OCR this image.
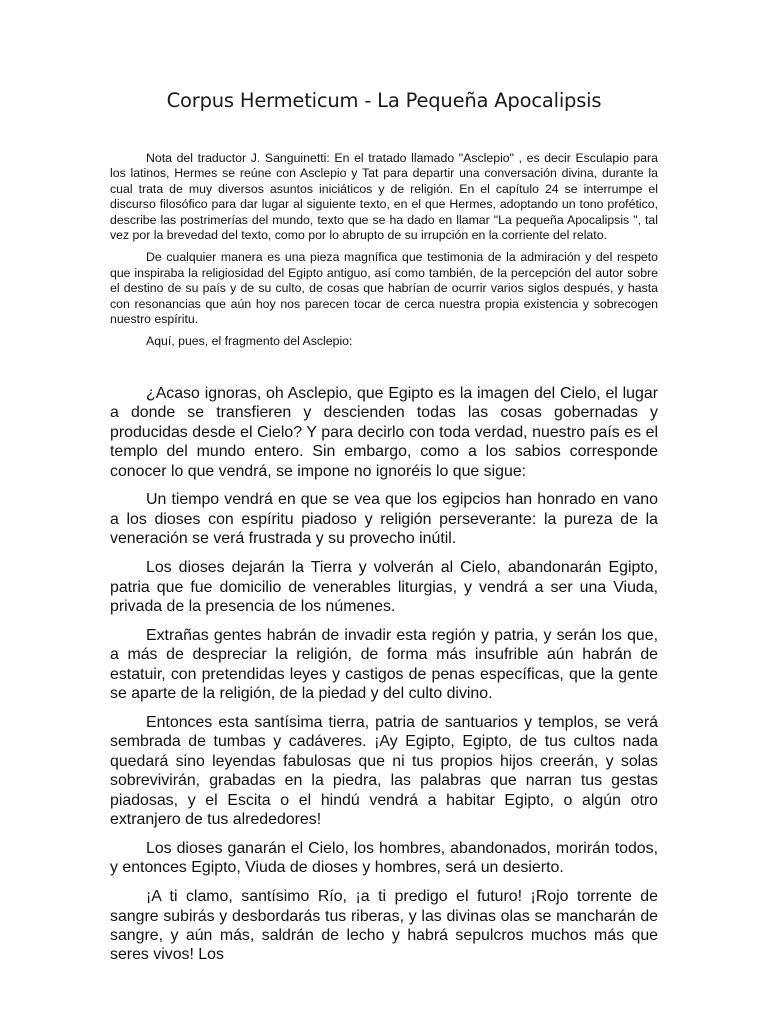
Corpus Hermeticum - La Pequeña Apocalipsis

Nota del traductor J. Sanguinetti: En el tratado llamado "Asclepio" , es decir Esculapio para los latinos, Hermes se reúne con Asclepio y Tat para departir una conversación divina, durante la cual trata de muy diversos asuntos iniciáticos y de religión. En el capítulo 24 se interrumpe el discurso filosófico para dar lugar al siguiente texto, en el que Hermes, adoptando un tono profético, describe las postrimerías del mundo, texto que se ha dado en llamar "La pequeña Apocalipsis ", tal vez por la brevedad del texto, como por lo abrupto de su irrupción en la corriente del relato.

De cualquier manera es una pieza magnífica que testimonia de la admiración y del respeto que inspiraba la religiosidad del Egipto antiguo, así como también, de la percepción del autor sobre el destino de su país y de su culto, de cosas que habrían de ocurrir varios siglos después, y hasta con resonancias que aún hoy nos parecen tocar de cerca nuestra propia existencia y sobrecogen nuestro espíritu.

Aquí, pues, el fragmento del Asclepio:

¿Acaso ignoras, oh Asclepio, que Egipto es la imagen del Cielo, el lugar a donde se transfieren y descienden todas las cosas gobernadas y producidas desde el Cielo? Y para decirlo con toda verdad, nuestro país es el templo del mundo entero. Sin embargo, como a los sabios corresponde conocer lo que vendrá, se impone no ignoréis lo que sigue:

Un tiempo vendrá en que se vea que los egipcios han honrado en vano a los dioses con espíritu piadoso y religión perseverante: la pureza de la veneración se verá frustrada y su provecho inútil.

Los dioses dejarán la Tierra y volverán al Cielo, abandonarán Egipto, patria que fue domicilio de venerables liturgias, y vendrá a ser una Viuda, privada de la presencia de los númenes.

Extrañas gentes habrán de invadir esta región y patria, y serán los que, a más de despreciar la religión, de forma más insufrible aún habrán de estatuir, con pretendidas leyes y castigos de penas específicas, que la gente se aparte de la religión, de la piedad y del culto divino.

Entonces esta santísima tierra, patria de santuarios y templos, se verá sembrada de tumbas y cadáveres. ¡Ay Egipto, Egipto, de tus cultos nada quedará sino leyendas fabulosas que ni tus propios hijos creerán, y solas sobrevivirán, grabadas en la piedra, las palabras que narran tus gestas piadosas, y el Escita o el hindú vendrá a habitar Egipto, o algún otro extranjero de tus alrededores!

Los dioses ganarán el Cielo, los hombres, abandonados, morirán todos, y entonces Egipto, Viuda de dioses y hombres, será un desierto.

¡A ti clamo, santísimo Río, ¡a ti predigo el futuro! ¡Rojo torrente de sangre subirás y desbordarás tus riberas, y las divinas olas se mancharán de sangre, y aún más, saldrán de lecho y habrá sepulcros muchos más que seres vivos! Los
